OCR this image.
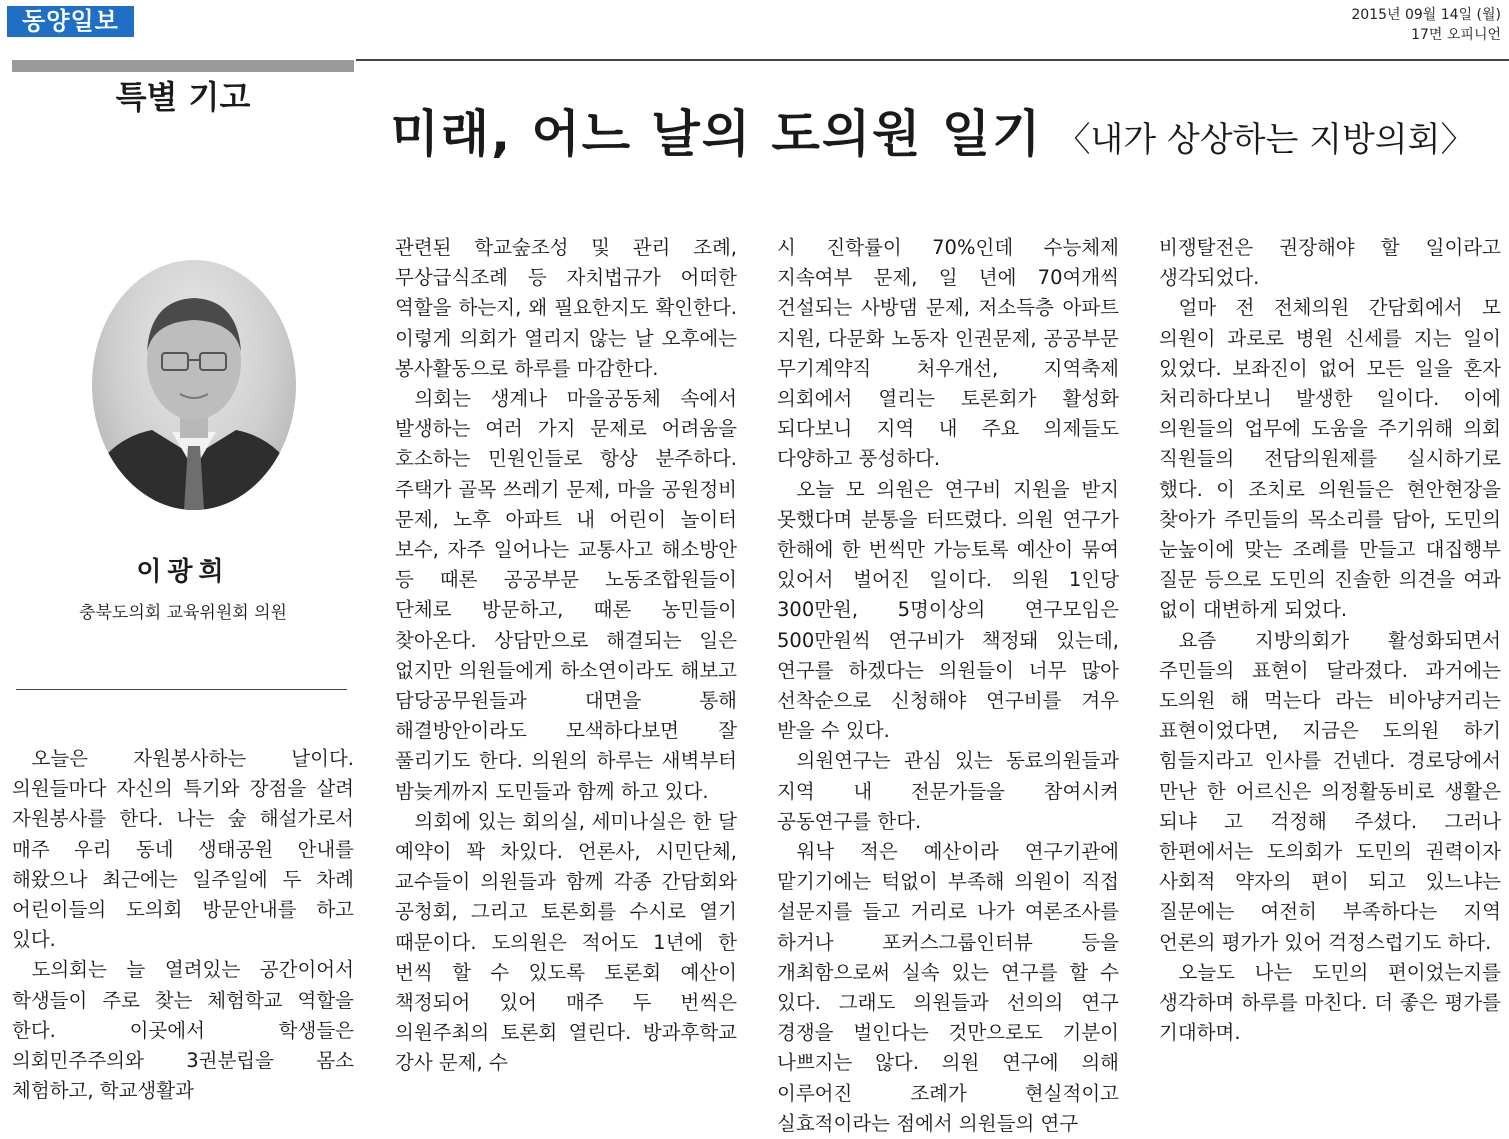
동양일보	2015년 09월 14일 (월)
17면 오피니언
특별 기고
미래, 어느 날의 도의원 일기 〈내가 상상하는 지방의회〉
이광희
충북도의회 교육위원회 의원

오늘은 자원봉사하는 날이다. 의원들마다 자신의 특기와 장점을 살려 자원봉사를 한다. 나는 숲 해설가로서 매주 우리 동네 생태공원 안내를 해왔으나 최근에는 일주일에 두 차례 어린이들의 도의회 방문안내를 하고 있다.

도의회는 늘 열려있는 공간이어서 학생들이 주로 찾는 체험학교 역할을 한다. 이곳에서 학생들은 의회민주주의와 3권분립을 몸소 체험하고, 학교생활과

관련된 학교숲조성 및 관리 조례, 무상급식조례 등 자치법규가 어떠한 역할을 하는지, 왜 필요한지도 확인한다. 이렇게 의회가 열리지 않는 날 오후에는 봉사활동으로 하루를 마감한다.

의회는 생계나 마을공동체 속에서 발생하는 여러 가지 문제로 어려움을 호소하는 민원인들로 항상 분주하다. 주택가 골목 쓰레기 문제, 마을 공원정비 문제, 노후 아파트 내 어린이 놀이터 보수, 자주 일어나는 교통사고 해소방안 등 때론 공공부문 노동조합원들이 단체로 방문하고, 때론 농민들이 찾아온다. 상담만으로 해결되는 일은 없지만 의원들에게 하소연이라도 해보고 담당공무원들과 대면을 통해 해결방안이라도 모색하다보면 잘 풀리기도 한다. 의원의 하루는 새벽부터 밤늦게까지 도민들과 함께 하고 있다.

의회에 있는 회의실, 세미나실은 한 달 예약이 꽉 차있다. 언론사, 시민단체, 교수들이 의원들과 함께 각종 간담회와 공청회, 그리고 토론회를 수시로 열기 때문이다. 도의원은 적어도 1년에 한 번씩 할 수 있도록 토론회 예산이 책정되어 있어 매주 두 번씩은 의원주최의 토론회 열린다. 방과후학교 강사 문제, 수

시 진학률이 70%인데 수능체제 지속여부 문제, 일 년에 70여개씩 건설되는 사방댐 문제, 저소득층 아파트 지원, 다문화 노동자 인권문제, 공공부문 무기계약직 처우개선, 지역축제 의회에서 열리는 토론회가 활성화 되다보니 지역 내 주요 의제들도 다양하고 풍성하다.

오늘 모 의원은 연구비 지원을 받지 못했다며 분통을 터뜨렸다. 의원 연구가 한해에 한 번씩만 가능토록 예산이 묶여 있어서 벌어진 일이다. 의원 1인당 300만원, 5명이상의 연구모임은 500만원씩 연구비가 책정돼 있는데, 연구를 하겠다는 의원들이 너무 많아 선착순으로 신청해야 연구비를 겨우 받을 수 있다.

의원연구는 관심 있는 동료의원들과 지역 내 전문가들을 참여시켜 공동연구를 한다.

워낙 적은 예산이라 연구기관에 맡기기에는 턱없이 부족해 의원이 직접 설문지를 들고 거리로 나가 여론조사를 하거나 포커스그룹인터뷰 등을 개최함으로써 실속 있는 연구를 할 수 있다. 그래도 의원들과 선의의 연구 경쟁을 벌인다는 것만으로도 기분이 나쁘지는 않다. 의원 연구에 의해 이루어진 조례가 현실적이고 실효적이라는 점에서 의원들의 연구

비쟁탈전은 권장해야 할 일이라고 생각되었다.

얼마 전 전체의원 간담회에서 모 의원이 과로로 병원 신세를 지는 일이 있었다. 보좌진이 없어 모든 일을 혼자 처리하다보니 발생한 일이다. 이에 의원들의 업무에 도움을 주기위해 의회 직원들의 전담의원제를 실시하기로 했다. 이 조치로 의원들은 현안현장을 찾아가 주민들의 목소리를 담아, 도민의 눈높이에 맞는 조례를 만들고 대집행부 질문 등으로 도민의 진솔한 의견을 여과 없이 대변하게 되었다.

요즘 지방의회가 활성화되면서 주민들의 표현이 달라졌다. 과거에는 도의원 해 먹는다 라는 비아냥거리는 표현이었다면, 지금은 도의원 하기 힘들지라고 인사를 건넨다. 경로당에서 만난 한 어르신은 의정활동비로 생활은 되냐 고 걱정해 주셨다. 그러나 한편에서는 도의회가 도민의 권력이자 사회적 약자의 편이 되고 있느냐는 질문에는 여전히 부족하다는 지역 언론의 평가가 있어 걱정스럽기도 하다.

오늘도 나는 도민의 편이었는지를 생각하며 하루를 마친다. 더 좋은 평가를 기대하며.
